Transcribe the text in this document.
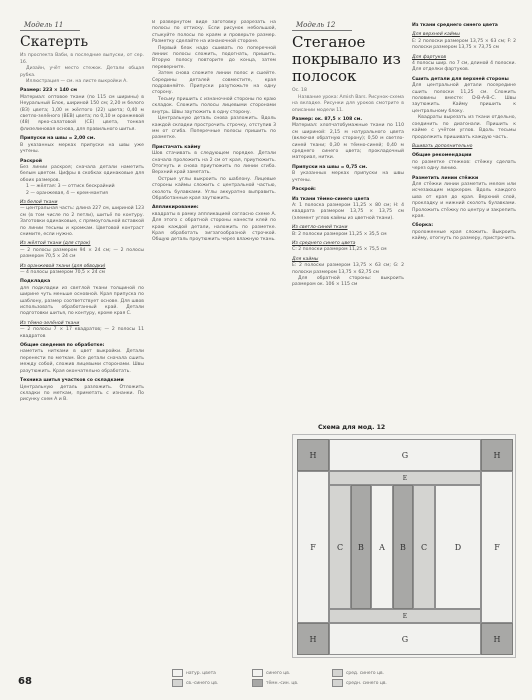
Модель 11
Скатерть

Из проспекта Ваби, в последние выпуски, от сер. 16.

Дизайн, учёт место стежок. Детали общая рубка.

Иллюстрация — см. на листе выкройки A.

Размер: 223 × 140 см

Материал: оптовое ткани (по 115 см ширины) в Неуральный Блок, шириной 150 см; 2,20 м белого (ВЗ) цвета; 1,00 м жёлтого (22) цвета; 0,40 м светло-зелёного (ВЕВ) цвета; по 0,10 м оранжевой (48) ярко-салатовой (СЕ) цвета, тонкая флизелиновая основа, для правильного шитья.

Припуски на швы = 2,00 см.

В указанных мерках припуски на швы уже учтены.

Раскрой

Без линии раскроя; сначала детали наметить белым цветом. Цифры в скобках одинаковые для обоих размеров.

1 — жёлтая: 3 — оттиск бескрайний

2 — оранжевая, 4 — крем-мантия

Из белой ткани

— центральная часть: длина 227 см, шириной 123 см (в том числе по 2 петли), шитьё по контуру. Заготовки одинаковые, с прямоугольной вставкой по линии тесьмы и кромкам. Цветовой контраст снимите, если нужно.

Из жёлтой ткани (для строк)

— 2 полосы размером 94 × 24 см; — 2 полосы размером 70,5 × 24 см

Из оранжевой ткани (для обводки)

— 4 полосы размером 70,5 × 24 см

Подкладка

для подкладки из светлой ткани толщиной по ширине чуть меньше основной. Края припуска по шаблону, размер соответствует основе. Для швов использовать обработанный край. Детали подготовки шитья, по контуру, кроме края C.

Из тёмно-зелёной ткани

— 2 полосы 7 × 17 квадратов; — 2 полосы 11 квадратов

Общие сведения по обработке:

наметить нитками в цвет выкройки. Детали перенести по меткам. Все детали сначала сшить между собой, сложив лицевыми сторонами. Швы разутюжить. Края окончательно обработать.

Техника шитья участков со складками

Центральную деталь разложить. Отложить складки по меткам, приметать с изнанки. По рисунку схем A и B.

В развернутом виде заготовку разрезать на полосы по оттиску. Если рисунок небольшой, стыкуйте полосы по краям и проверьте размер. Разметку сделайте на изнаночной стороне.

Первый блок надо сшивать по поперечной линии: полосы сложить, подогнать, пришить. Вторую полосу повторите до конца, затем переверните.

Затем снова сложите линии полос и сшейте. Середины деталей совместите, края подравняйте. Припуски разутюжьте на одну сторону.

Тесьму пришить с изнаночной стороны по краю складок. Сложить полосы лицевыми сторонами внутрь. Швы заутюжить в одну сторону.

Центральную деталь снова разложить. Вдоль каждой складки прострочить строчку, отступив 3 мм от сгиба. Поперечные полосы пришить по разметке.

Пристачать кайму

Шов стачивать в следующем порядке. Детали сначала проложить на 2 см от края, приутюжить. Отогнуть и снова приутюжить по линии сгиба. Верхний край заметать.

Острые углы выкроить по шаблону. Лицевые стороны каймы сложить с центральной частью, сколоть булавками. Углы аккуратно выправить. Обработанные края заутюжить.

Аппликирование:

квадраты в рамку аппликацией согласно схеме A. Для этого с обратной стороны нанести клей по краю каждой детали, наложить по разметке. Края обработать зигзагообразной строчкой. Общую деталь проутюжить через влажную ткань.

Модель 12
Стеганое покрывало из полосок

Ос. 18

Название урока: Amish Bars. Рисунок-схема на вкладке. Рисунки для уроков смотрите в описании модели 11.

Размер: ок. 87,5 × 108 см.

Материал: хлопчатобумажные ткани по 110 см шириной: 2,15 м натурального цвета (включая обратную сторону); 0,50 м светло-синей ткани; 0,30 м тёмно-синей; 0,40 м среднего синего цвета; прокладочный материал, нитки.

Припуски на швы = 0,75 см.

В указанных мерках припуски на швы учтены.

Раскрой:
Из ткани тёмно-синего цвета

A: 1 полоска размером 11,25 × 80 см; H: 4 квадрата размером 13,75 × 13,75 см (элемент углов каймы из цветной ткани).

Из светло-синей ткани

B: 2 полоски размером 11,25 × 35,5 см

Из среднего синего цвета

C: 2 полоски размером 11,25 × 75,5 см

Для каймы

E: 2 полоски размером 13,75 × 63 см; G: 2 полоски размером 13,75 × 62,75 см

Для обратной стороны: выкроить размером ок. 106 × 115 см

Из ткани среднего синего цвета
Для верхней каймы

E: 2 полоски размером 13,75 × 63 см; F: 2 полоски размером 13,75 × 73,75 см

Для фартуков

4 полосы шир. по 7 см, длиной 4 полоски. Для отделки фартуков.

Сшить детали для верхней стороны

Для центральной детали посередине сшить полоски 11,25 см. Сложить половины вместе: D-B-A-B-C. Швы заутюжить. Кайму пришить к центральному блоку.

Квадраты вырезать из ткани отдельно, соединить по диагонали. Пришить к кайме с учётом углов. Вдоль тесьмы продолжить пришивать каждую часть.

Вшивать дополнительно
Общие рекомендации

по разметке стежков: стёжку сделать через одну линию.

Разметить линии стёжки

Для стёжки линии разметить мелом или исчезающим маркером. Вдоль каждого шва от края до края. Верхний слой, прокладку и нижний сколоть булавками. Проложить стёжку по центру и закрепить края.

Сборка:

проложенные края сложить. Выкроить кайму, отогнуть по размеру, пристрочить.

Схема для мод. 12
H	G	H
F	F
E
E
C	B	A	B	C	D
H	G	H
натур. цвета
св.-синего цв.
синего цв.
тёмн.-син. цв.
сред. синего цв.
средн. синего цв.
68
